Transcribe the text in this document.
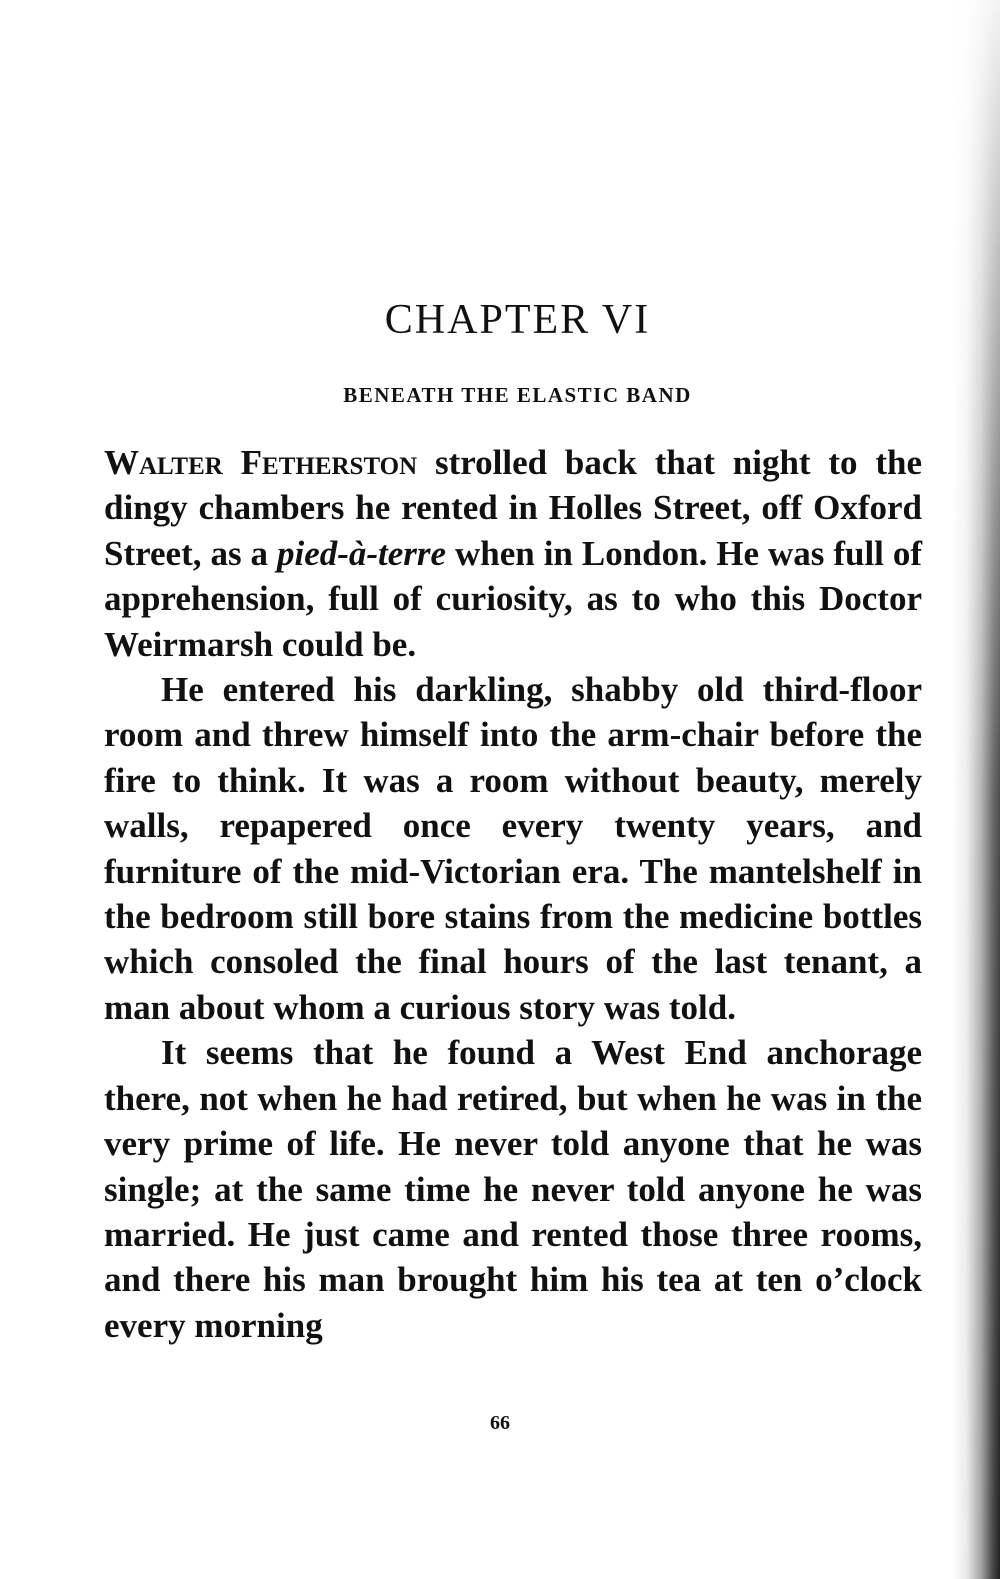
CHAPTER VI
BENEATH THE ELASTIC BAND

Walter Fetherston strolled back that night to the dingy chambers he rented in Holles Street, off Oxford Street, as a pied-à-terre when in London. He was full of apprehension, full of curiosity, as to who this Doctor Weirmarsh could be.

He entered his darkling, shabby old third-floor room and threw himself into the arm-chair before the fire to think. It was a room without beauty, merely walls, repapered once every twenty years, and furniture of the mid-Victorian era. The mantelshelf in the bedroom still bore stains from the medicine bottles which consoled the final hours of the last tenant, a man about whom a curious story was told.

It seems that he found a West End anchorage there, not when he had retired, but when he was in the very prime of life. He never told anyone that he was single; at the same time he never told anyone he was married. He just came and rented those three rooms, and there his man brought him his tea at ten o’clock every morning

66
